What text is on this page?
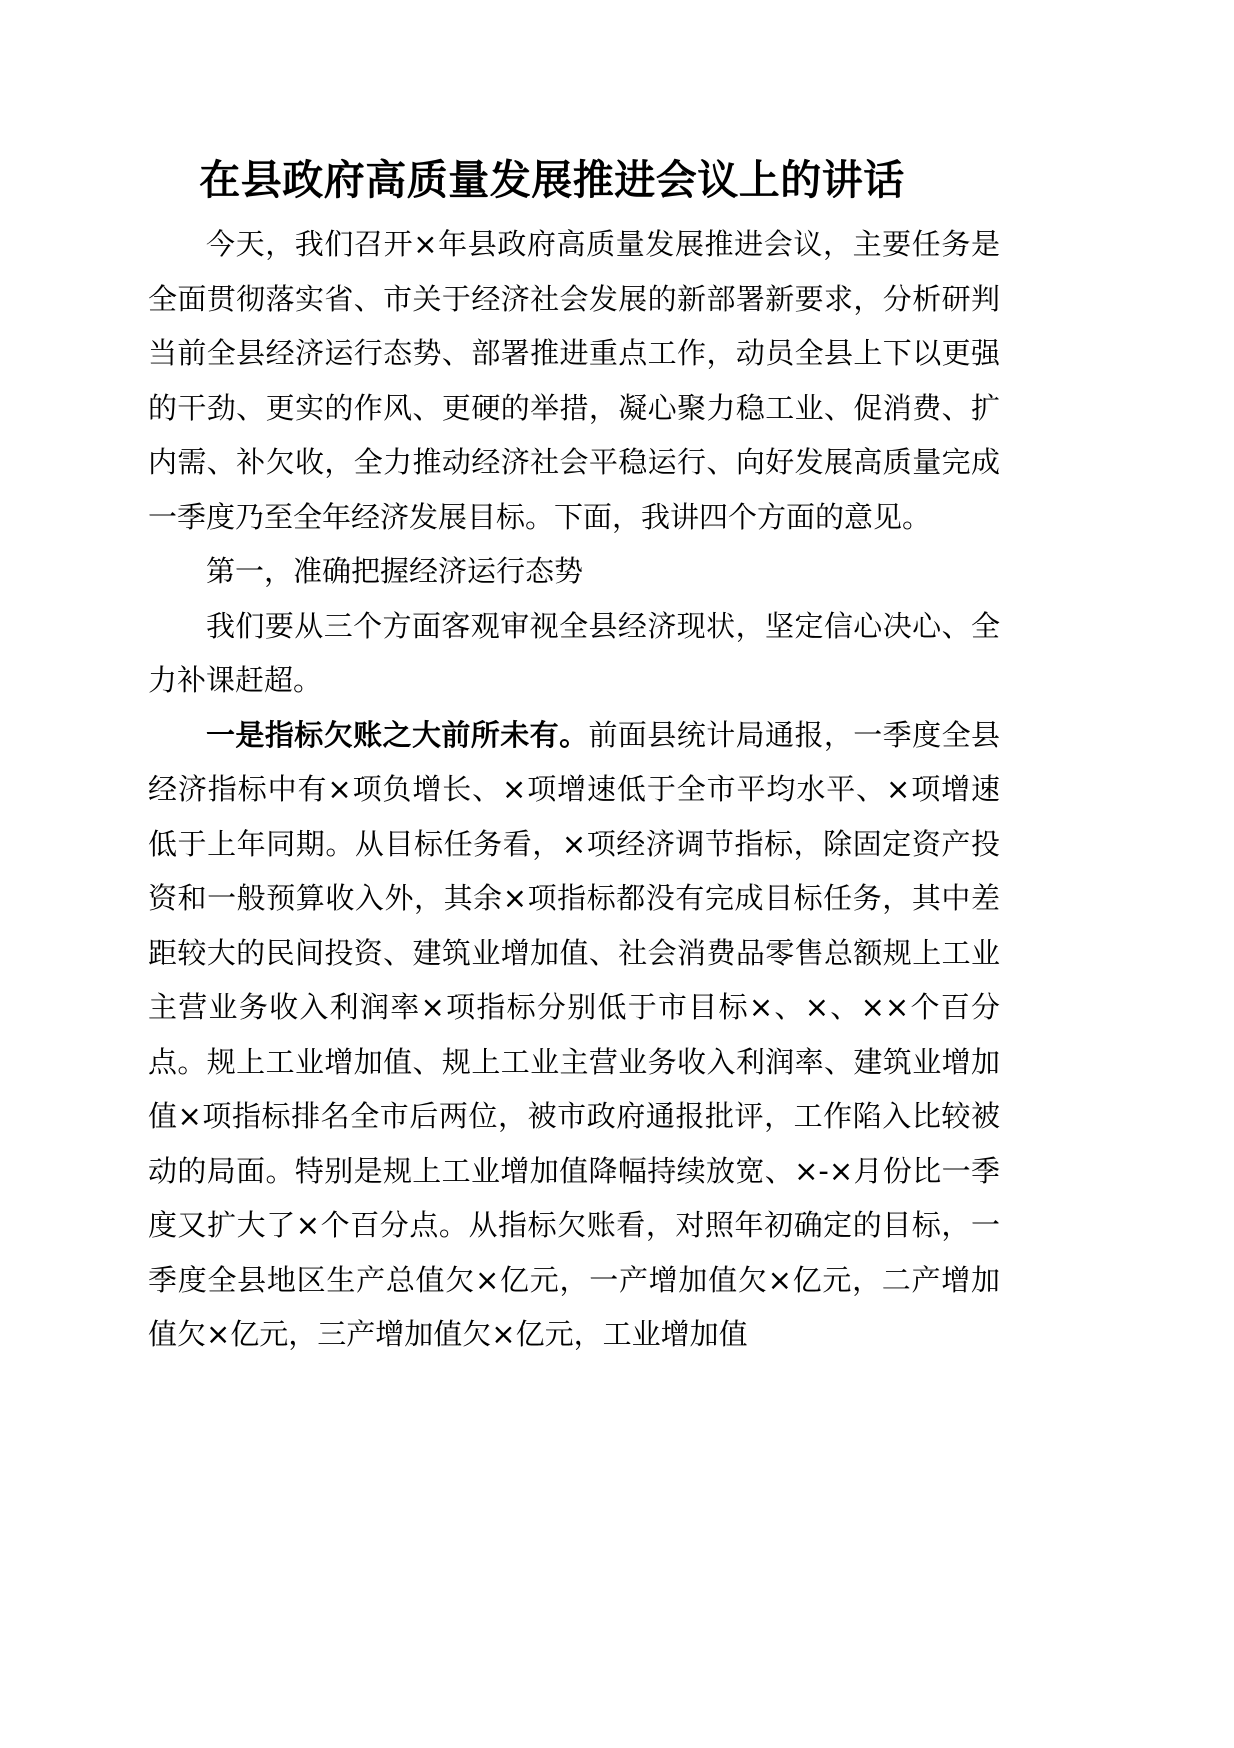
在县政府高质量发展推进会议上的讲话

今天，我们召开×年县政府高质量发展推进会议，主要任务是全面贯彻落实省、市关于经济社会发展的新部署新要求，分析研判当前全县经济运行态势、部署推进重点工作，动员全县上下以更强的干劲、更实的作风、更硬的举措，凝心聚力稳工业、促消费、扩内需、补欠收，全力推动经济社会平稳运行、向好发展高质量完成一季度乃至全年经济发展目标。下面，我讲四个方面的意见。

第一，准确把握经济运行态势

我们要从三个方面客观审视全县经济现状，坚定信心决心、全力补课赶超。

一是指标欠账之大前所未有。前面县统计局通报，一季度全县经济指标中有×项负增长、×项增速低于全市平均水平、×项增速低于上年同期。从目标任务看，×项经济调节指标，除固定资产投资和一般预算收入外，其余×项指标都没有完成目标任务，其中差距较大的民间投资、建筑业增加值、社会消费品零售总额规上工业主营业务收入利润率×项指标分别低于市目标×、×、××个百分点。规上工业增加值、规上工业主营业务收入利润率、建筑业增加值×项指标排名全市后两位，被市政府通报批评，工作陷入比较被动的局面。特别是规上工业增加值降幅持续放宽、×-×月份比一季度又扩大了×个百分点。从指标欠账看，对照年初确定的目标，一季度全县地区生产总值欠×亿元，一产增加值欠×亿元，二产增加值欠×亿元，三产增加值欠×亿元，工业增加值
